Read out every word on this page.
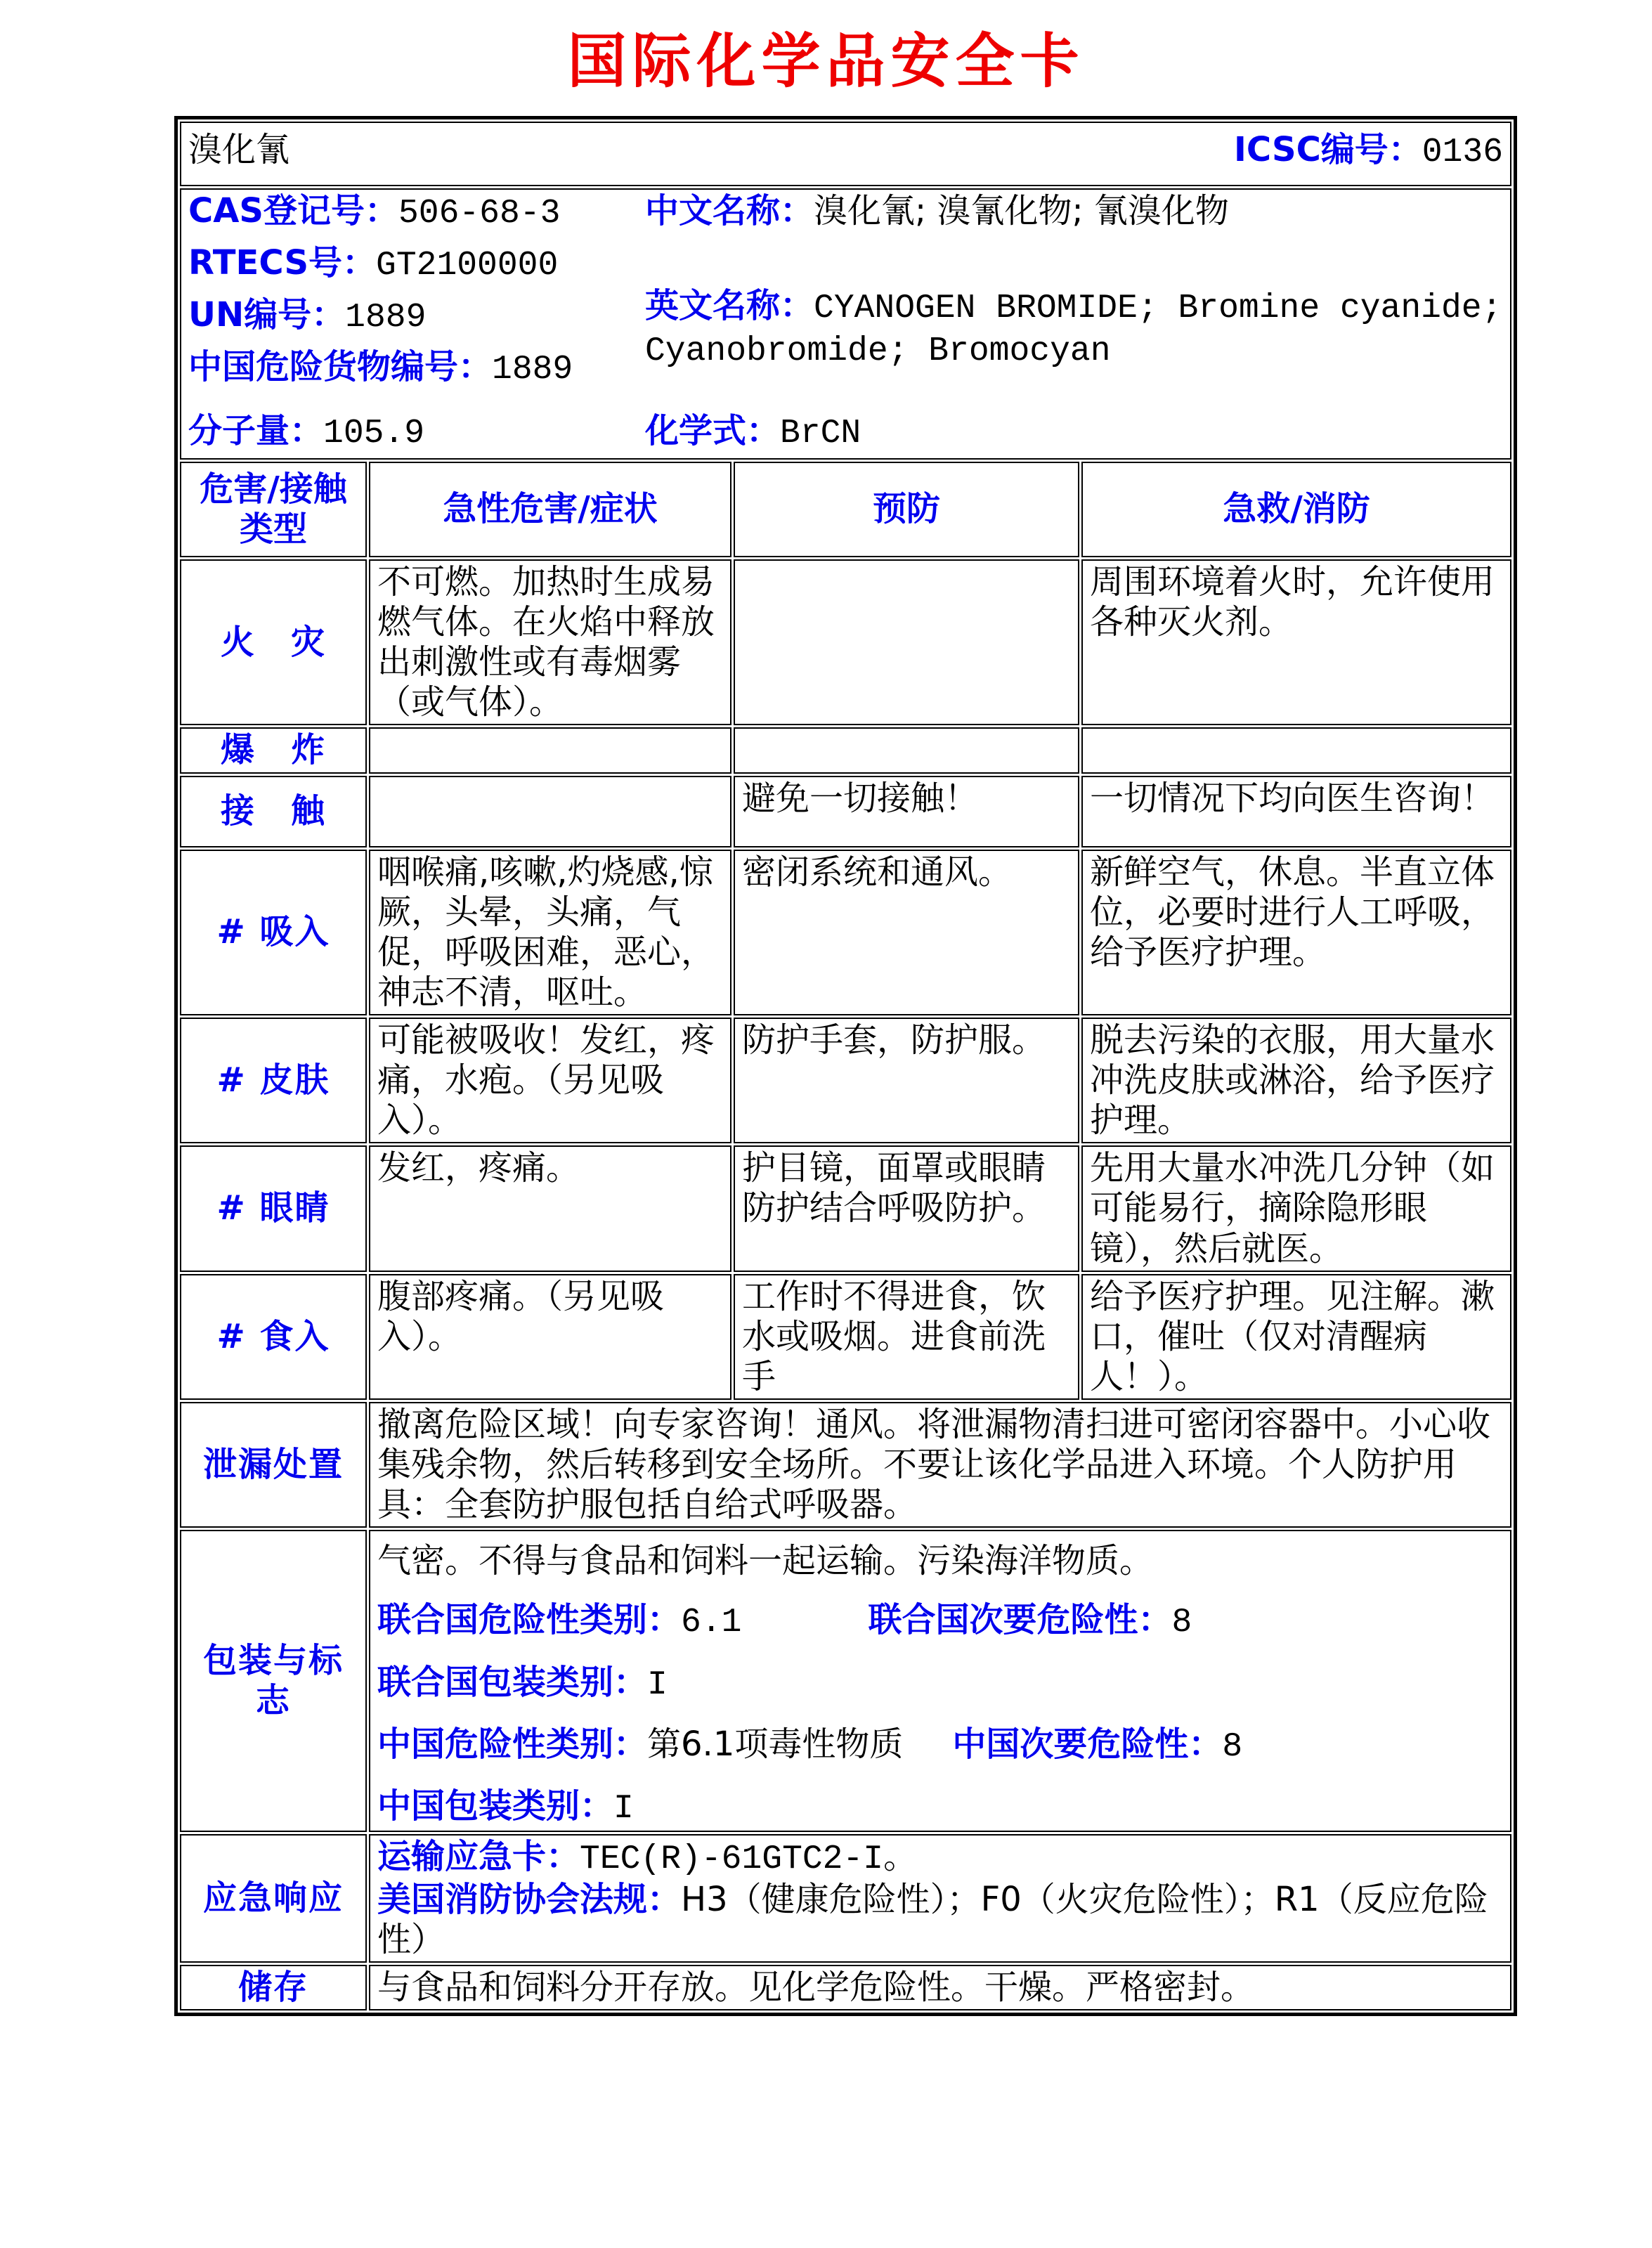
国际化学品安全卡
溴化氰 ICSC编号：0136			

CAS登记号：506-68-3
RTECS号：GT2100000
UN编号：1889
中国危险货物编号：1889
分子量：105.9
中文名称：溴化氰; 溴氰化物; 氰溴化物
英文名称：CYANOGEN BROMIDE; Bromine cyanide; Cyanobromide; Bromocyan
化学式：BrCN

危害/接触
类型	急性危害/症状	预防	急救/消防
火　灾	不可燃。加热时生成易燃气体。在火焰中释放出刺激性或有毒烟雾（或气体）。		周围环境着火时，允许使用各种灭火剂。
爆　炸			
接　触		避免一切接触！	一切情况下均向医生咨询！
# 吸入	咽喉痛,咳嗽,灼烧感,惊厥，头晕，头痛，气促，呼吸困难，恶心，神志不清，呕吐。	密闭系统和通风。	新鲜空气，休息。半直立体位，必要时进行人工呼吸，给予医疗护理。
# 皮肤	可能被吸收！发红，疼痛，水疱。（另见吸入）。	防护手套，防护服。	脱去污染的衣服，用大量水冲洗皮肤或淋浴，给予医疗护理。
# 眼睛	发红，疼痛。	护目镜，面罩或眼睛防护结合呼吸防护。	先用大量水冲洗几分钟（如可能易行，摘除隐形眼镜），然后就医。
# 食入	腹部疼痛。（另见吸入）。	工作时不得进食，饮水或吸烟。进食前洗手	给予医疗护理。见注解。漱口，催吐（仅对清醒病人！）。
泄漏处置	撤离危险区域！向专家咨询！通风。将泄漏物清扫进可密闭容器中。小心收集残余物，然后转移到安全场所。不要让该化学品进入环境。个人防护用具：全套防护服包括自给式呼吸器。		
包装与标志	气密。不得与食品和饲料一起运输。污染海洋物质。
联合国危险性类别：6.1 联合国次要危险性：8
联合国包装类别：I
中国危险性类别：第6.1项毒性物质 中国次要危险性：8
中国包装类别：I		

应急响应	运输应急卡：TEC(R)-61GTC2-I。
美国消防协会法规：H3（健康危险性）；F0（火灾危险性）；R1（反应危险性）		

储存	与食品和饲料分开存放。见化学危险性。干燥。严格密封。		
